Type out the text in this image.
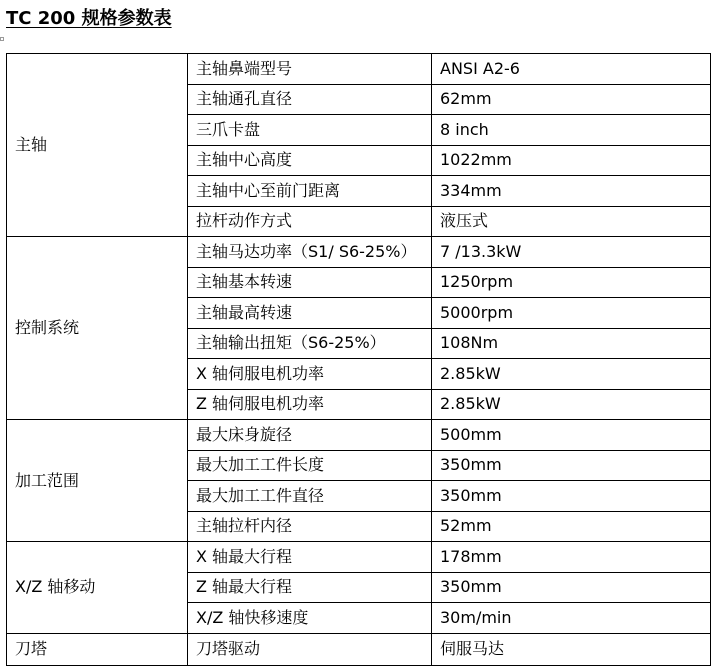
TC 200 规格参数表
主轴	主轴鼻端型号	ANSI A2-6
	主轴通孔直径	62mm
	三爪卡盘	8 inch
	主轴中心高度	1022mm
	主轴中心至前门距离	334mm
	拉杆动作方式	液压式
控制系统	主轴马达功率（S1/ S6-25%）	7 /13.3kW
	主轴基本转速	1250rpm
	主轴最高转速	5000rpm
	主轴输出扭矩（S6-25%）	108Nm
	X 轴伺服电机功率	2.85kW
	Z 轴伺服电机功率	2.85kW
加工范围	最大床身旋径	500mm
	最大加工工件长度	350mm
	最大加工工件直径	350mm
	主轴拉杆内径	52mm
X/Z 轴移动	X 轴最大行程	178mm
	Z 轴最大行程	350mm
	X/Z 轴快移速度	30m/min
刀塔	刀塔驱动	伺服马达
